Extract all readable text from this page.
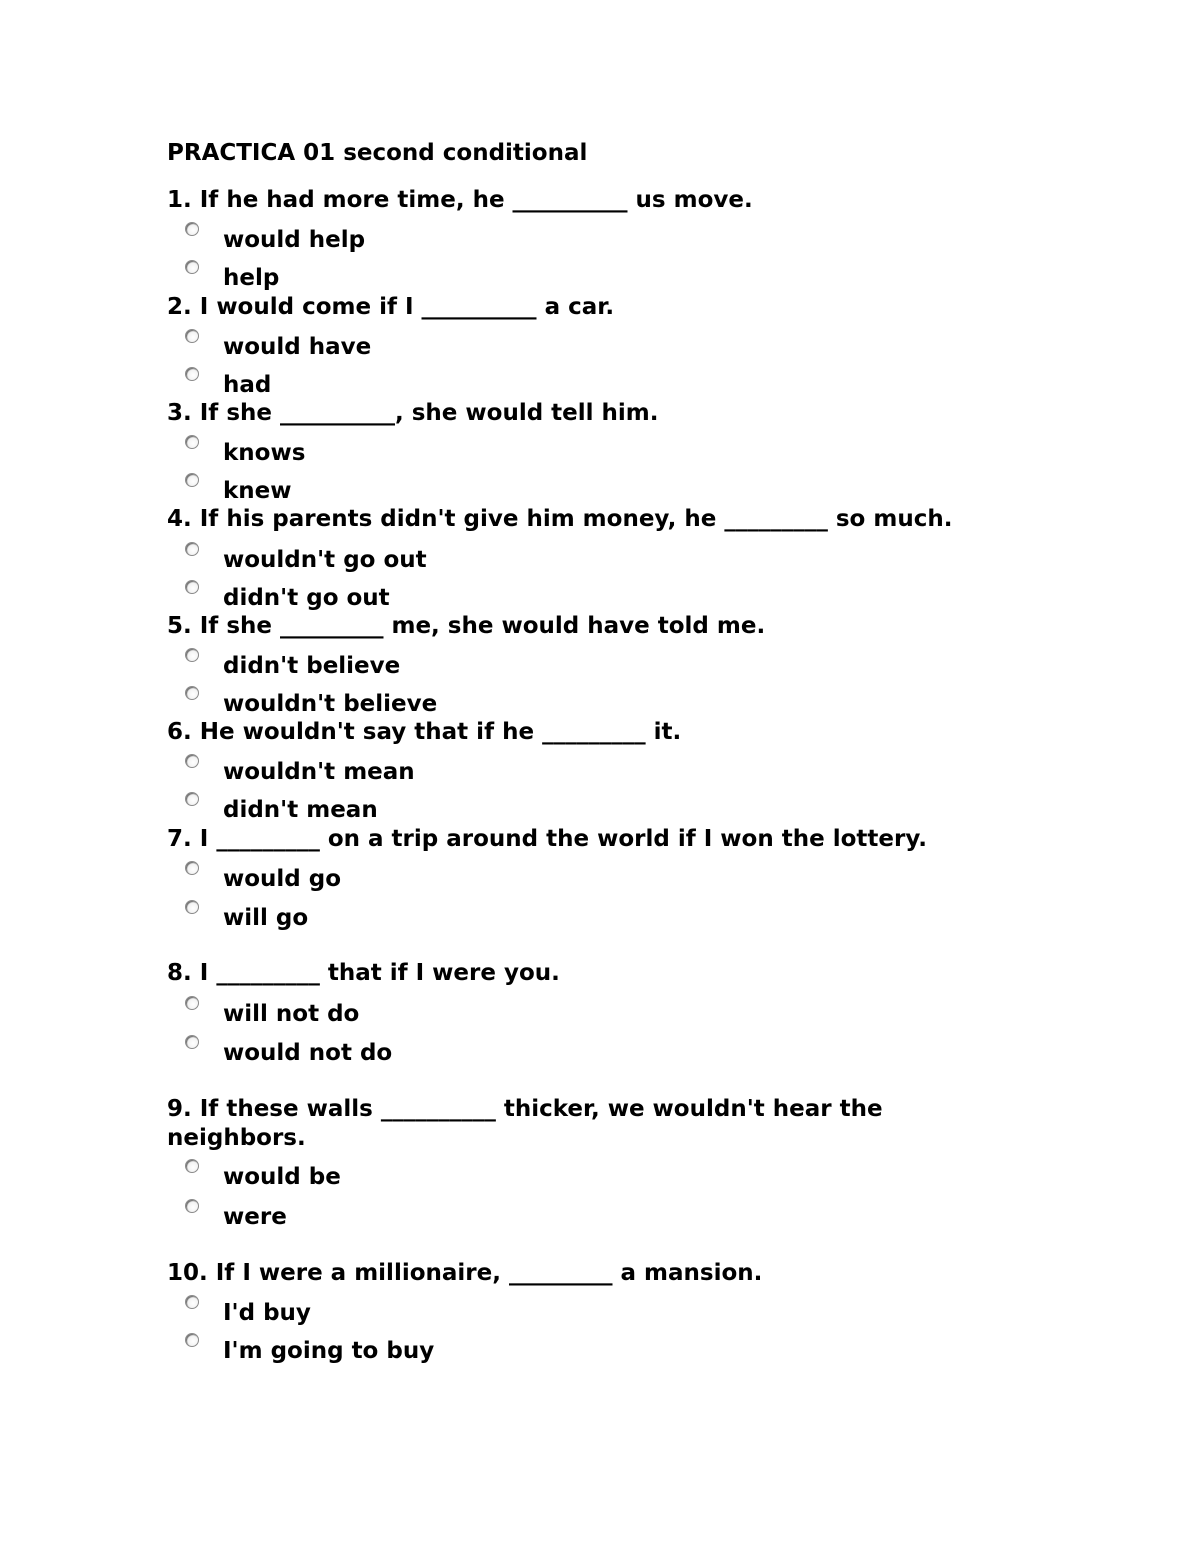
PRACTICA 01 second conditional
1. If he had more time, he __________ us move.
would help
help
2. I would come if I __________ a car.
would have
had
3. If she __________, she would tell him.
knows
knew
4. If his parents didn't give him money, he _________ so much.
wouldn't go out
didn't go out
5. If she _________ me, she would have told me.
didn't believe
wouldn't believe
6. He wouldn't say that if he _________ it.
wouldn't mean
didn't mean
7. I _________ on a trip around the world if I won the lottery.
would go
will go
8. I _________ that if I were you.
will not do
would not do
9. If these walls __________ thicker, we wouldn't hear the neighbors.
would be
were
10. If I were a millionaire, _________ a mansion.
I'd buy
I'm going to buy
